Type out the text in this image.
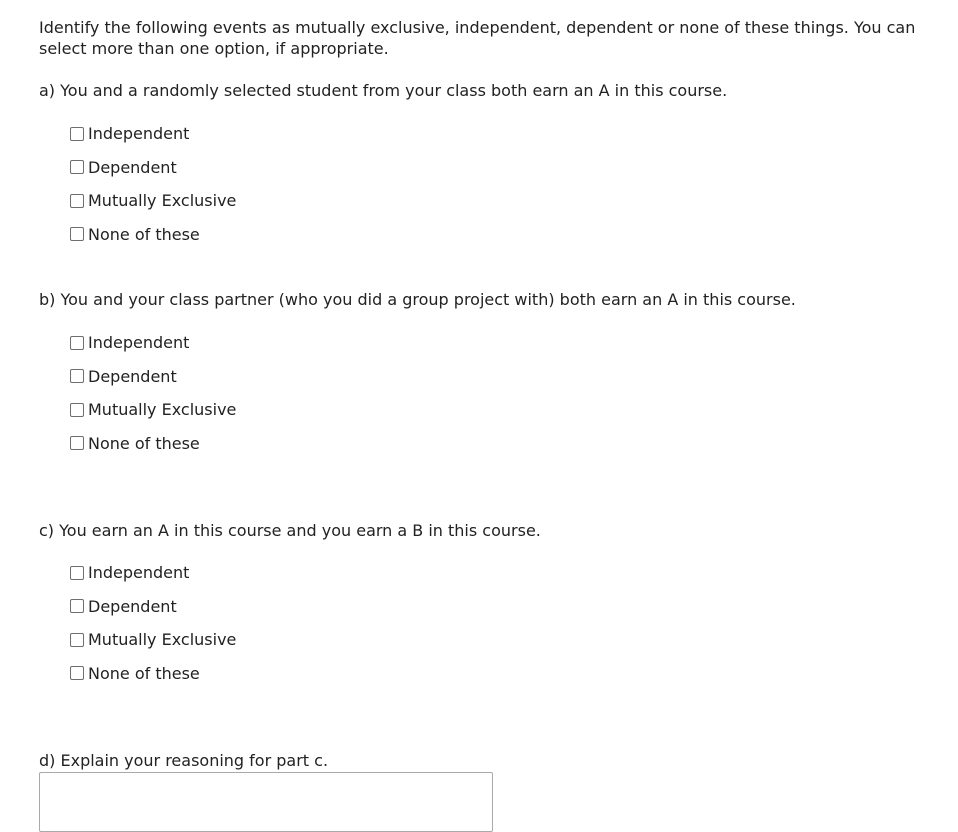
Identify the following events as mutually exclusive, independent, dependent or none of these things. You can select more than one option, if appropriate.

a) You and a randomly selected student from your class both earn an A in this course.

Independent
Dependent
Mutually Exclusive
None of these

b) You and your class partner (who you did a group project with) both earn an A in this course.

Independent
Dependent
Mutually Exclusive
None of these

c) You earn an A in this course and you earn a B in this course.

Independent
Dependent
Mutually Exclusive
None of these

d) Explain your reasoning for part c.
